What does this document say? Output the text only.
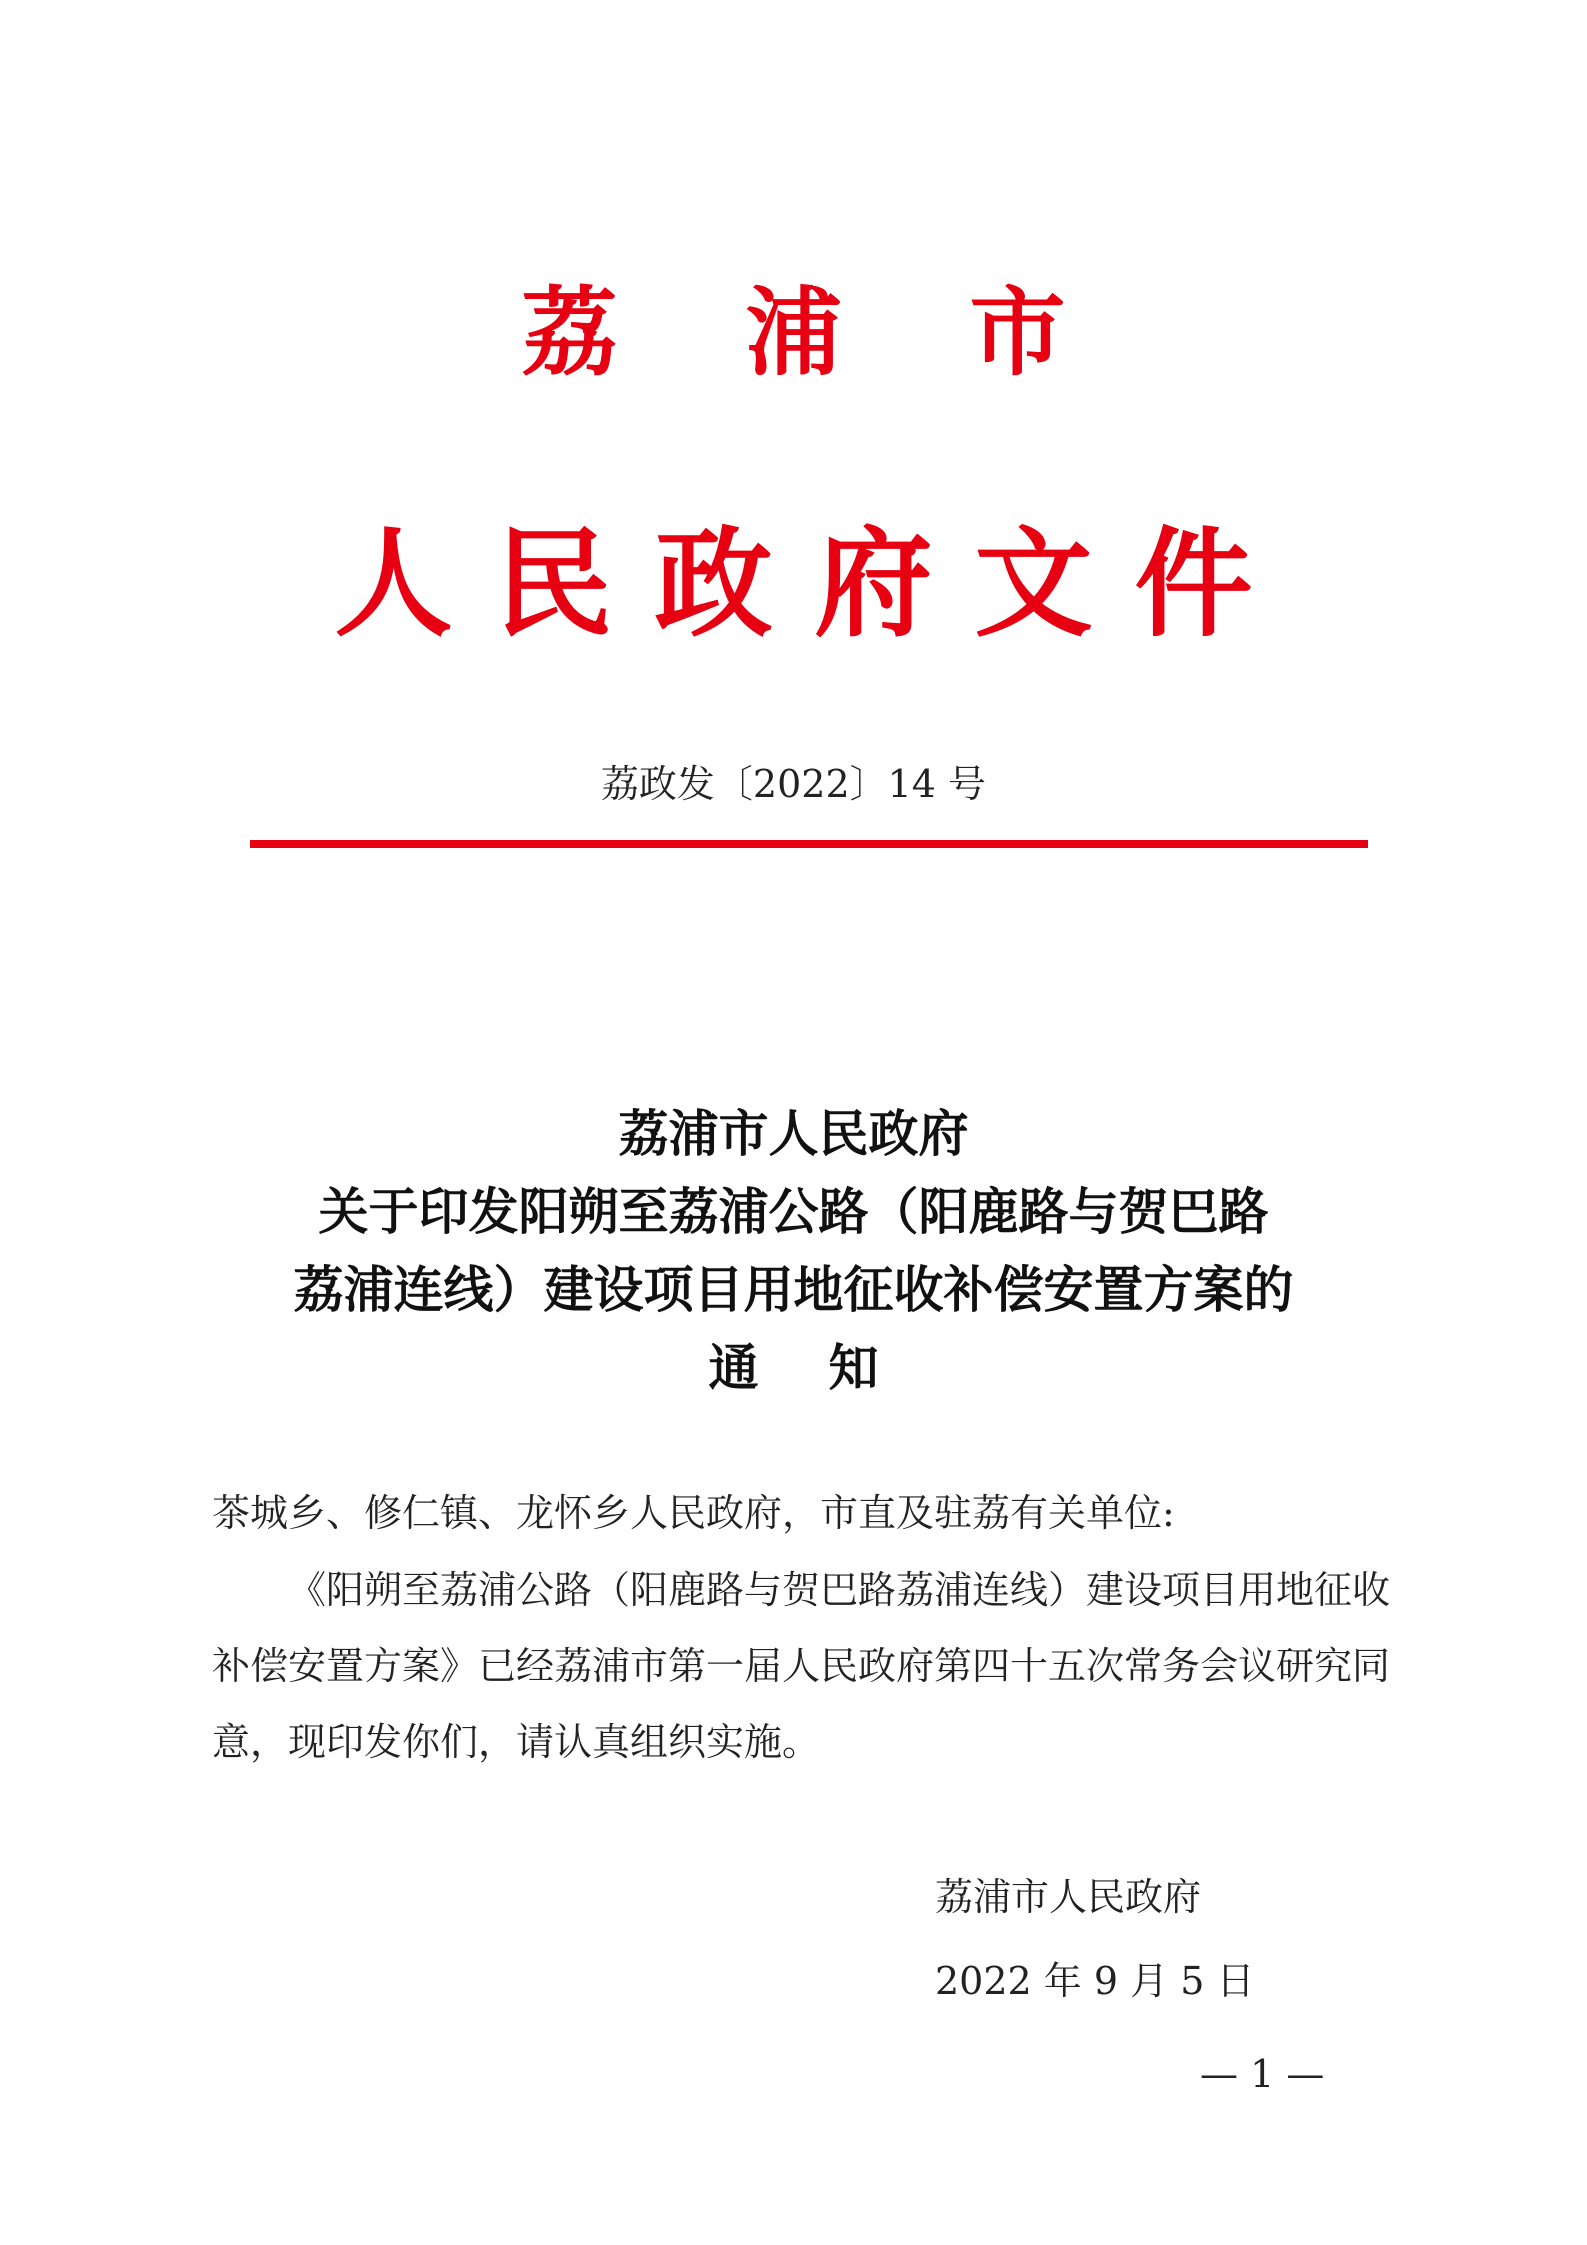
荔 浦 市
人民政府文件
荔政发〔2022〕14 号
荔浦市人民政府
关于印发阳朔至荔浦公路（阳鹿路与贺巴路
荔浦连线）建设项目用地征收补偿安置方案的
通知
茶城乡、修仁镇、龙怀乡人民政府，市直及驻荔有关单位:
《阳朔至荔浦公路（阳鹿路与贺巴路荔浦连线）建设项目用地征收补偿安置方案》已经荔浦市第一届人民政府第四十五次常务会议研究同意，现印发你们，请认真组织实施。
荔浦市人民政府
2022 年 9 月 5 日
— 1 —
